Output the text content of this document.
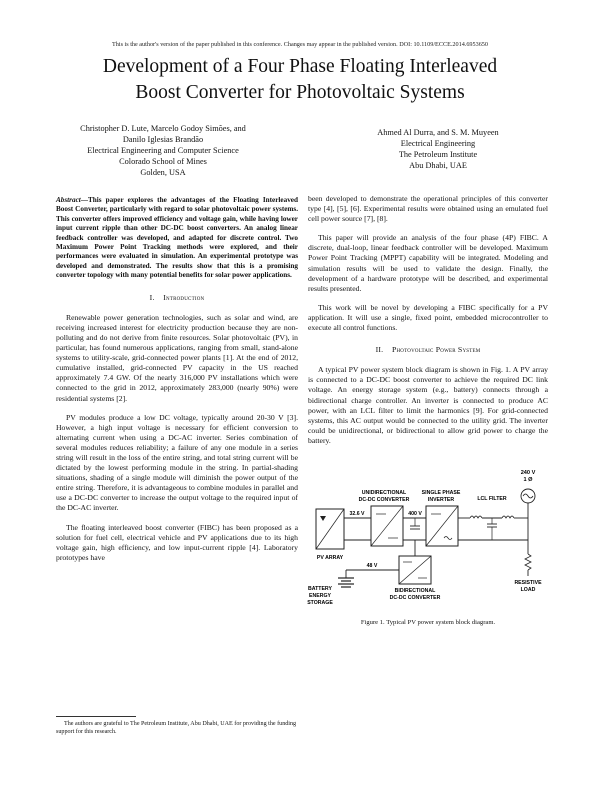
This is the author's version of the paper published in this conference. Changes may appear in the published version. DOI: 10.1109/ECCE.2014.6953650
Development of a Four Phase Floating Interleaved
Boost Converter for Photovoltaic Systems
Christopher D. Lute, Marcelo Godoy Simões, and
Danilo Iglesias Brandão
Electrical Engineering and Computer Science
Colorado School of Mines
Golden, USA
Ahmed Al Durra, and S. M. Muyeen
Electrical Engineering
The Petroleum Institute
Abu Dhabi, UAE

Abstract—This paper explores the advantages of the Floating Interleaved Boost Converter, particularly with regard to solar photovoltaic power systems. This converter offers improved efficiency and voltage gain, while having lower input current ripple than other DC-DC boost converters. An analog linear feedback controller was developed, and adapted for discrete control. Two Maximum Power Point Tracking methods were explored, and their performances were evaluated in simulation. An experimental prototype was developed and demonstrated. The results show that this is a promising converter topology with many potential benefits for solar power applications.

I. Introduction

Renewable power generation technologies, such as solar and wind, are receiving increased interest for electricity production because they are non-polluting and do not derive from finite resources. Solar photovoltaic (PV), in particular, has found numerous applications, ranging from small, stand-alone systems to utility-scale, grid-connected power plants [1]. At the end of 2012, cumulative installed, grid-connected PV capacity in the US reached approximately 7.4 GW. Of the nearly 316,000 PV installations which were connected to the grid in 2012, approximately 283,000 (nearly 90%) were residential systems [2].

PV modules produce a low DC voltage, typically around 20-30 V [3]. However, a high input voltage is necessary for efficient conversion to alternating current when using a DC-AC inverter. Series combination of several modules reduces reliability; a failure of any one module in a series string will result in the loss of the entire string, and total string current will be dictated by the lowest performing module in the string. In partial-shading situations, shading of a single module will diminish the power output of the entire string. Therefore, it is advantageous to combine modules in parallel and use a DC-DC converter to increase the output voltage to the required input of the DC-AC inverter.

The floating interleaved boost converter (FIBC) has been proposed as a solution for fuel cell, electrical vehicle and PV applications due to its high voltage gain, high efficiency, and low input-current ripple [4]. Laboratory prototypes have

been developed to demonstrate the operational principles of this converter type [4], [5], [6]. Experimental results were obtained using an emulated fuel cell power source [7], [8].

This paper will provide an analysis of the four phase (4P) FIBC. A discrete, dual-loop, linear feedback controller will be developed. Maximum Power Point Tracking (MPPT) capability will be integrated. Modeling and simulation results will be used to validate the design. Finally, the development of a hardware prototype will be described, and experimental results presented.

This work will be novel by developing a FIBC specifically for a PV application. It will use a single, fixed point, embedded microcontroller to execute all control functions.

II. Photovoltaic Power System

A typical PV power system block diagram is shown in Fig. 1. A PV array is connected to a DC-DC boost converter to achieve the required DC link voltage. An energy storage system (e.g., battery) connects through a bidirectional charge controller. An inverter is connected to produce AC power, with an LCL filter to limit the harmonics [9]. For grid-connected systems, this AC output would be connected to the utility grid. The inverter could be unidirectional, or bidirectional to allow grid power to charge the battery.

240 V
1 Ø
UNIDIRECTIONAL
DC-DC CONVERTER
SINGLE PHASE
INVERTER	LCL FILTER
PV ARRAY
32.6 V	400 V
RESISTIVE
LOAD
BIDIRECTIONAL
DC-DC CONVERTER
48 V
BATTERY
ENERGY
STORAGE
Figure 1. Typical PV power system block diagram.
The authors are grateful to The Petroleum Institute, Abu Dhabi, UAE for providing the funding support for this research.
